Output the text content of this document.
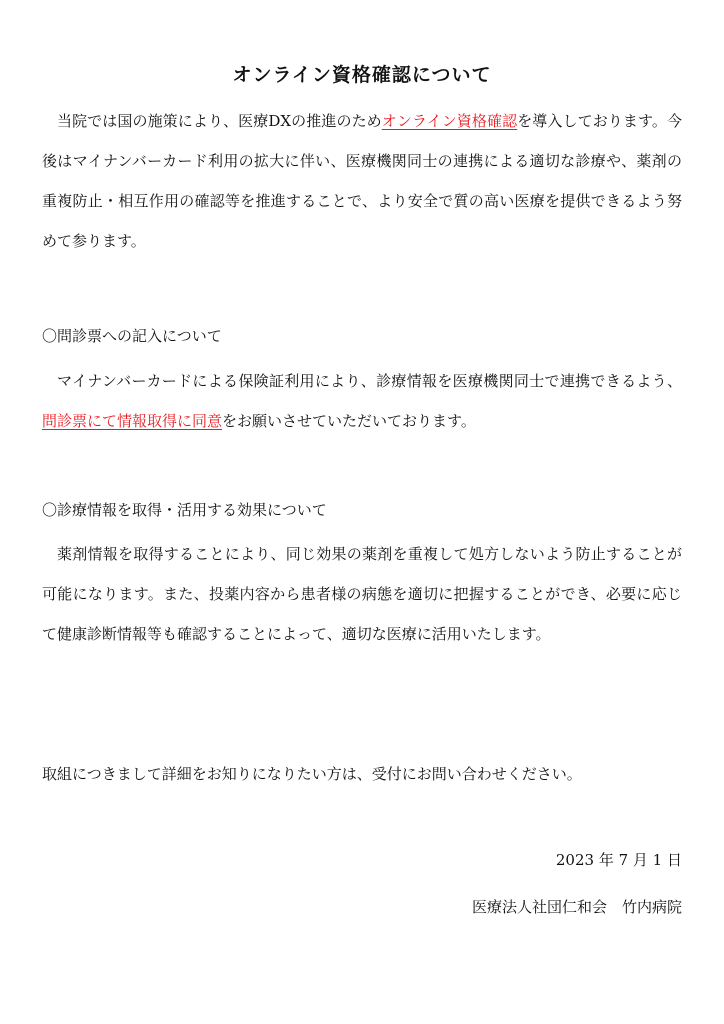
オンライン資格確認について
当院では国の施策により、医療DXの推進のためオンライン資格確認を導入しております。今後はマイナンバーカード利用の拡大に伴い、医療機関同士の連携による適切な診療や、薬剤の重複防止・相互作用の確認等を推進することで、より安全で質の高い医療を提供できるよう努めて参ります。
〇問診票への記入について
マイナンバーカードによる保険証利用により、診療情報を医療機関同士で連携できるよう、問診票にて情報取得に同意をお願いさせていただいております。
〇診療情報を取得・活用する効果について
薬剤情報を取得することにより、同じ効果の薬剤を重複して処方しないよう防止することが可能になります。また、投薬内容から患者様の病態を適切に把握することができ、必要に応じて健康診断情報等も確認することによって、適切な医療に活用いたします。
取組につきまして詳細をお知りになりたい方は、受付にお問い合わせください。
2023 年 7 月 1 日
医療法人社団仁和会　竹内病院
